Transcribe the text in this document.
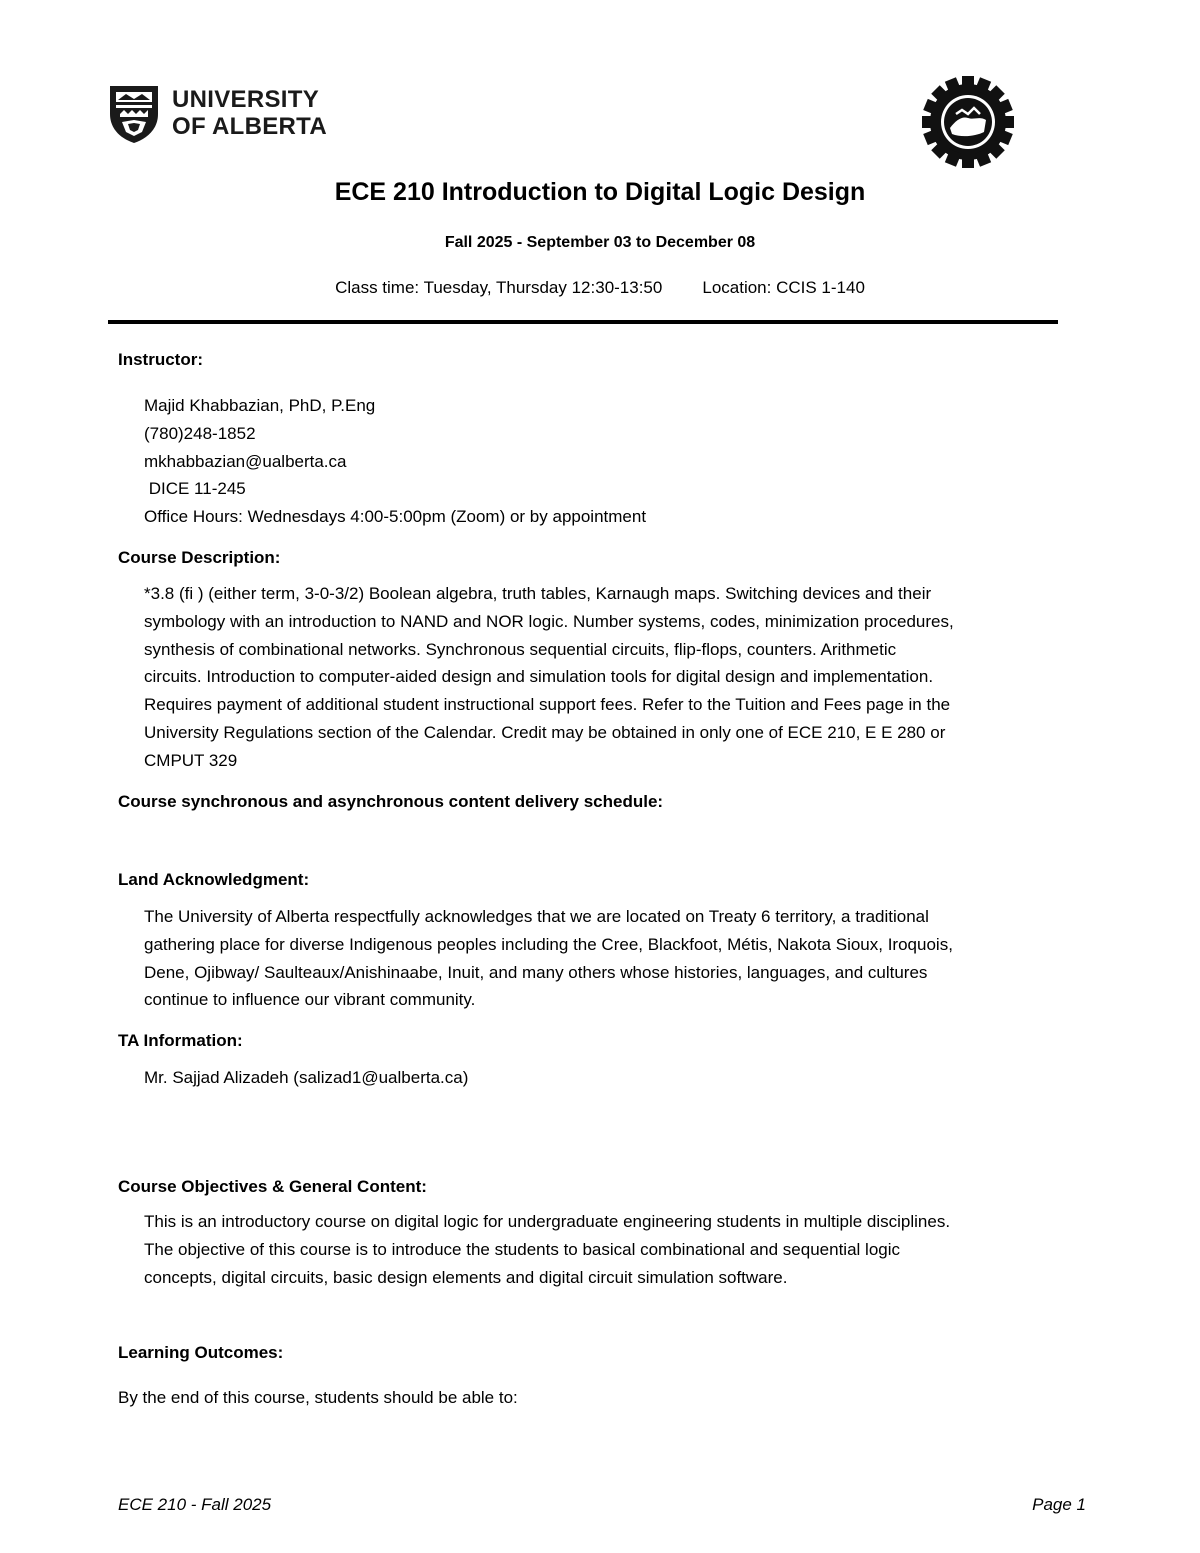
UNIVERSITY
OF ALBERTA
ECE 210 Introduction to Digital Logic Design
Fall 2025 - September 03 to December 08
Class time: Tuesday, Thursday 12:30-13:50 Location: CCIS 1-140
Instructor:
Majid Khabbazian, PhD, P.Eng
(780)248-1852
mkhabbazian@ualberta.ca
DICE 11-245
Office Hours: Wednesdays 4:00-5:00pm (Zoom) or by appointment
Course Description:
*3.8 (fi ) (either term, 3-0-3/2) Boolean algebra, truth tables, Karnaugh maps. Switching devices and their
symbology with an introduction to NAND and NOR logic. Number systems, codes, minimization procedures,
synthesis of combinational networks. Synchronous sequential circuits, flip-flops, counters. Arithmetic
circuits. Introduction to computer-aided design and simulation tools for digital design and implementation.
Requires payment of additional student instructional support fees. Refer to the Tuition and Fees page in the
University Regulations section of the Calendar. Credit may be obtained in only one of ECE 210, E E 280 or
CMPUT 329
Course synchronous and asynchronous content delivery schedule:
Land Acknowledgment:
The University of Alberta respectfully acknowledges that we are located on Treaty 6 territory, a traditional
gathering place for diverse Indigenous peoples including the Cree, Blackfoot, Métis, Nakota Sioux, Iroquois,
Dene, Ojibway/ Saulteaux/Anishinaabe, Inuit, and many others whose histories, languages, and cultures
continue to influence our vibrant community.
TA Information:
Mr. Sajjad Alizadeh (salizad1@ualberta.ca)
Course Objectives & General Content:
This is an introductory course on digital logic for undergraduate engineering students in multiple disciplines.
The objective of this course is to introduce the students to basical combinational and sequential logic
concepts, digital circuits, basic design elements and digital circuit simulation software.
Learning Outcomes:
By the end of this course, students should be able to:
ECE 210 - Fall 2025	Page 1
